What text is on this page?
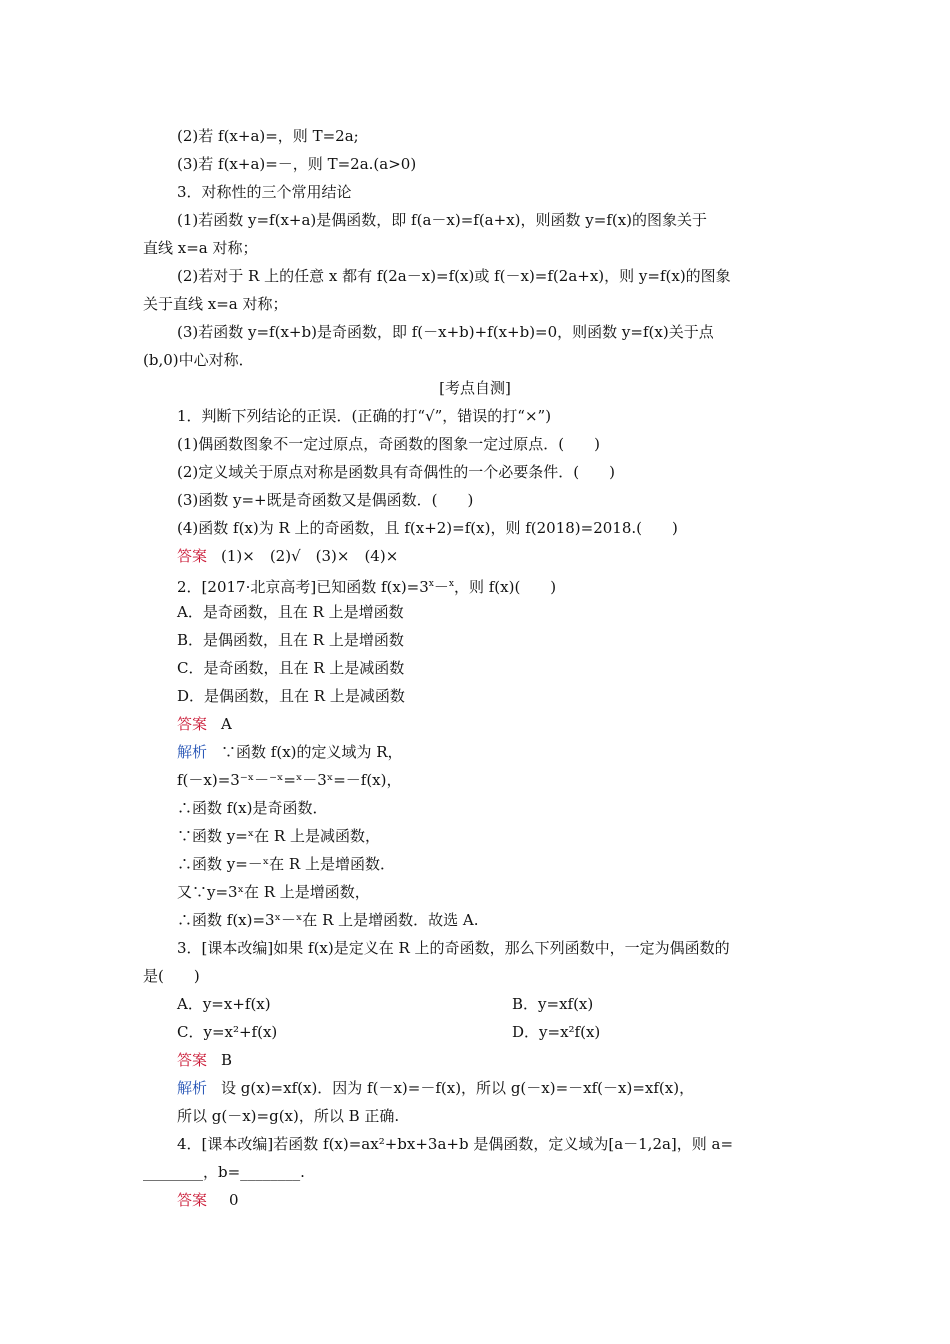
(2)若 f(x+a)=，则 T=2a;
(3)若 f(x+a)=－，则 T=2a.(a>0)
3．对称性的三个常用结论
(1)若函数 y=f(x+a)是偶函数，即 f(a－x)=f(a+x)，则函数 y=f(x)的图象关于
直线 x=a 对称；
(2)若对于 R 上的任意 x 都有 f(2a－x)=f(x)或 f(－x)=f(2a+x)，则 y=f(x)的图象
关于直线 x=a 对称；
(3)若函数 y=f(x+b)是奇函数，即 f(－x+b)+f(x+b)=0，则函数 y=f(x)关于点
(b,0)中心对称．
[考点自测]
1．判断下列结论的正误．(正确的打“√”，错误的打“×”)
(1)偶函数图象不一定过原点，奇函数的图象一定过原点．(　　)
(2)定义域关于原点对称是函数具有奇偶性的一个必要条件．(　　)
(3)函数 y=+既是奇函数又是偶函数．(　　)
(4)函数 f(x)为 R 上的奇函数，且 f(x+2)=f(x)，则 f(2018)=2018.(　　)
答案 (1)×　(2)√　(3)×　(4)×
2．[2017·北京高考]已知函数 $f(x)=3^x-^x$，则 f(x)(　　)
A．是奇函数，且在 R 上是增函数
B．是偶函数，且在 R 上是增函数
C．是奇函数，且在 R 上是减函数
D．是偶函数，且在 R 上是减函数
答案 A
解析 ∵函数 f(x)的定义域为 R，
f(－x)=3⁻ˣ－⁻ˣ=ˣ－3ˣ=－f(x)，
∴函数 f(x)是奇函数．
∵函数 y=ˣ在 R 上是减函数，
∴函数 y=－ˣ在 R 上是增函数．
又∵y=3ˣ在 R 上是增函数，
∴函数 f(x)=3ˣ－ˣ在 R 上是增函数．故选 A.
3．[课本改编]如果 f(x)是定义在 R 上的奇函数，那么下列函数中，一定为偶函数的
是(　　)
A．y=x+f(x)	B．y=xf(x)
C．y=x²+f(x)	D．y=x²f(x)
答案 B
解析 设 g(x)=xf(x)．因为 f(－x)=－f(x)，所以 g(－x)=－xf(－x)=xf(x)，
所以 g(－x)=g(x)，所以 B 正确.
4．[课本改编]若函数 f(x)=ax²+bx+3a+b 是偶函数，定义域为[a－1,2a]，则 a=
________，b=________.
答案 0
